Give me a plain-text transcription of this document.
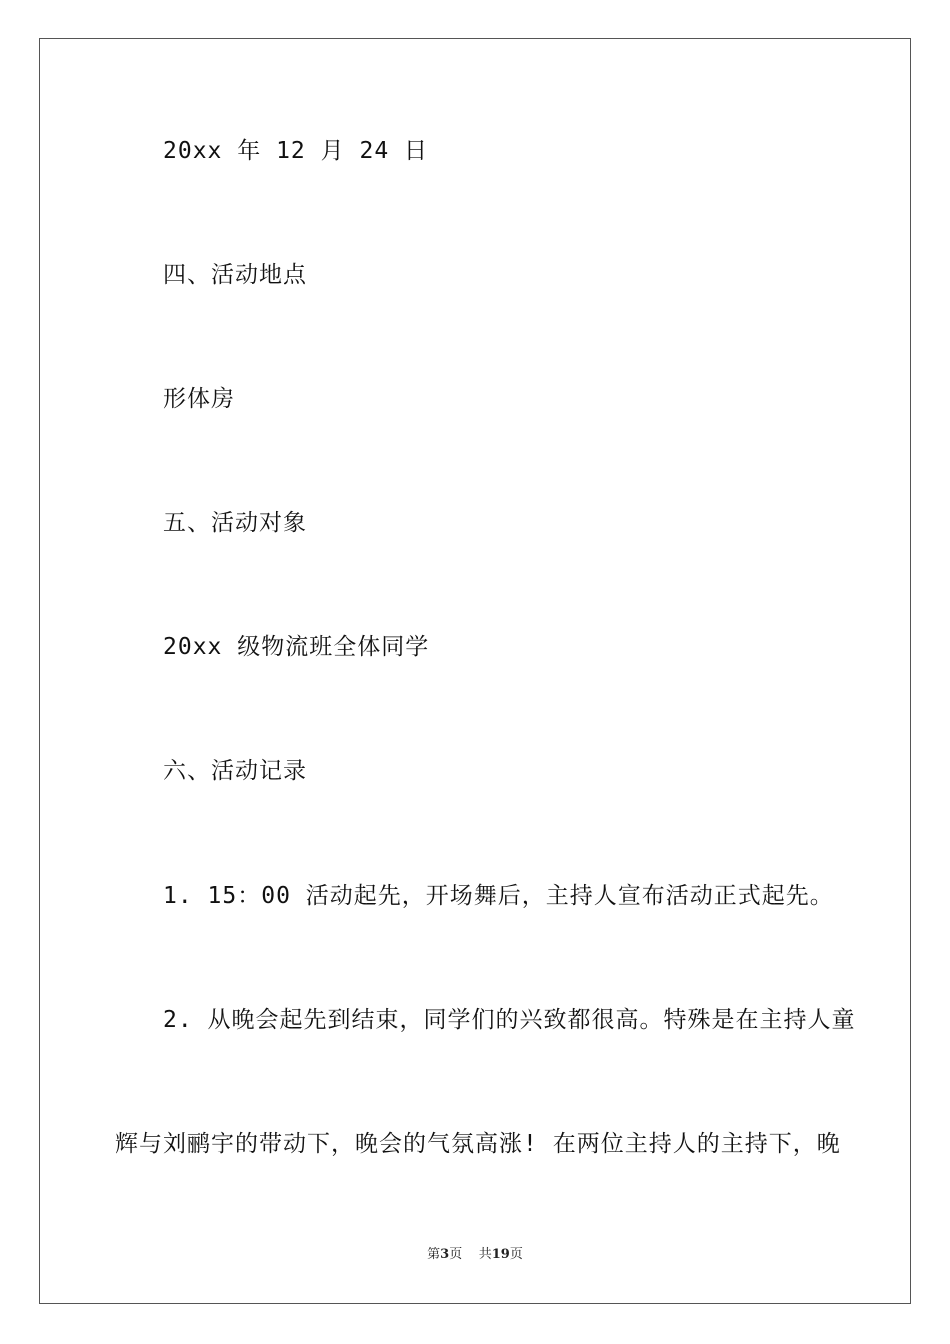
20xx 年 12 月 24 日
四、活动地点
形体房
五、活动对象
20xx 级物流班全体同学
六、活动记录
1. 15：00 活动起先，开场舞后，主持人宣布活动正式起先。
2. 从晚会起先到结束，同学们的兴致都很高。特殊是在主持人童
辉与刘鹂宇的带动下，晚会的气氛高涨! 在两位主持人的主持下，晚
第3页 共19页
